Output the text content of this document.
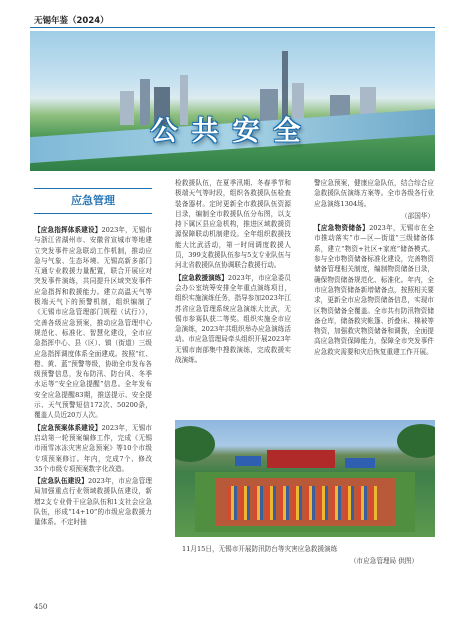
无锡年鉴（2024）
公共安全
应急管理

【应急指挥体系建设】2023年，无锡市与浙江省湖州市、安徽省宣城市等地建立突发事件应急联动工作机制，推动应急与气象、生态环境、无锡高新多部门互通专业救援力量配置，联合开展应对突发事件演练，共同提升区域突发事件应急指挥和救援能力。建立高温天气等极端天气下的预警机制，组织编制了《无锡市应急管理部门规程（试行）》，完善各级应急预案，推动应急管理中心规范化、标准化、智慧化建设，全市应急指挥中心、县（区）、镇（街道）三级应急指挥调度体系全面建成。按照“红、橙、黄、蓝”预警等级，协助全市发布各级预警信息，发布防汛、防台风、冬季水运等“安全应急提醒”信息。全年发布安全应急提醒83期，推送提示、安全提示、天气预警短信172次、50200条，覆盖人员近20万人次。

【应急预案体系建设】2023年，无锡市启动第一轮预案编修工作，完成《无锡市雨雪冰冻灾害应急预案》等10个市级专项预案修订。年内，完成7个、修改35个市级专项预案数字化改造。

【应急队伍建设】2023年，市应急管理局加强重点行业领域救援队伍建设，新增2支专业骨干应急队伍和1支社会应急队伍，形成“14+10”的市级应急救援力量体系。不定时抽

检救援队伍，在夏季汛期、冬春季节和极端天气等时段，组织各救援队伍检查装备器材。定时更新全市救援队伍资源目录，编制全市救援队伍分布图，以支持下属区县应急机构，推进区域救援资源保障联动机制建设。全年组织救援技能大比武活动，第一时间调度救援人员，399支救援队伍参与5支专业队伍与河北省救援队伍协调联合救援行动。

【应急救援演练】2023年，市应急委员会办公室统筹安排全年重点演练项目，组织实施演练任务，指导参加2023年江苏省应急管理系统应急演练大比武，无锡市参赛队获二等奖。组织实施全市应急演练，2023年共组织举办应急演练活动。市应急管理局牵头组织开展2023年无锡市南部集中搜救演练，完成救援实战演练。

警应急预案，健康应急队伍，结合综合应急救援队伍演练方案等。全市各级各行业应急演练1304场。

（邵国华）

【应急物资储备】2023年，无锡市在全市推动落实“市—区—街道”三级储备体系，建立“物资+社区+家庭”储备模式。参与全市物资储备标准化建设，完善物资储备管理相关制度，编制物资储备目录，确保物资储备规范化、标准化。年内，全市应急物资储备新增储备点，按照相关要求，更新全市应急物资储备信息，实现市区物资储备全覆盖。全市共有防汛物资储备仓库，储备救灾帐篷、折叠床、棉被等物资，加强救灾物资储备和调拨，全面提高应急物资保障能力，保障全市突发事件应急救灾需要和灾后恢复重建工作开展。

11月15日，无锡市开展防汛防台等灾害应急救援演练
（市应急管理局 供图）
450
